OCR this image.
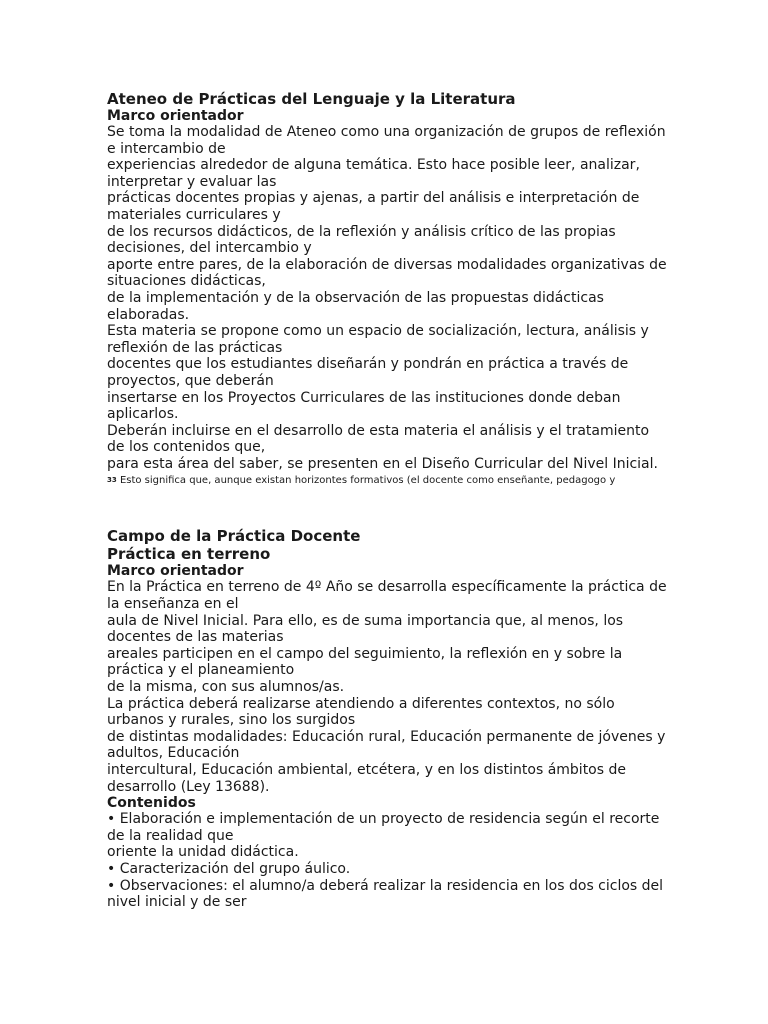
Ateneo de Prácticas del Lenguaje y la Literatura

Marco orientador

Se toma la modalidad de Ateneo como una organización de grupos de reflexión e intercambio de

experiencias alrededor de alguna temática. Esto hace posible leer, analizar, interpretar y evaluar las

prácticas docentes propias y ajenas, a partir del análisis e interpretación de materiales curriculares y

de los recursos didácticos, de la reflexión y análisis crítico de las propias decisiones, del intercambio y

aporte entre pares, de la elaboración de diversas modalidades organizativas de situaciones didácticas,

de la implementación y de la observación de las propuestas didácticas elaboradas.

Esta materia se propone como un espacio de socialización, lectura, análisis y reflexión de las prácticas

docentes que los estudiantes diseñarán y pondrán en práctica a través de proyectos, que deberán

insertarse en los Proyectos Curriculares de las instituciones donde deban aplicarlos.

Deberán incluirse en el desarrollo de esta materia el análisis y el tratamiento de los contenidos que,

para esta área del saber, se presenten en el Diseño Curricular del Nivel Inicial.

33 Esto significa que, aunque existan horizontes formativos (el docente como enseñante, pedagogo y

Campo de la Práctica Docente

Práctica en terreno

Marco orientador

En la Práctica en terreno de 4º Año se desarrolla específicamente la práctica de la enseñanza en el

aula de Nivel Inicial. Para ello, es de suma importancia que, al menos, los docentes de las materias

areales participen en el campo del seguimiento, la reflexión en y sobre la práctica y el planeamiento

de la misma, con sus alumnos/as.

La práctica deberá realizarse atendiendo a diferentes contextos, no sólo urbanos y rurales, sino los surgidos

de distintas modalidades: Educación rural, Educación permanente de jóvenes y adultos, Educación

intercultural, Educación ambiental, etcétera, y en los distintos ámbitos de desarrollo (Ley 13688).

Contenidos

• Elaboración e implementación de un proyecto de residencia según el recorte de la realidad que

oriente la unidad didáctica.

• Caracterización del grupo áulico.

• Observaciones: el alumno/a deberá realizar la residencia en los dos ciclos del nivel inicial y de ser
